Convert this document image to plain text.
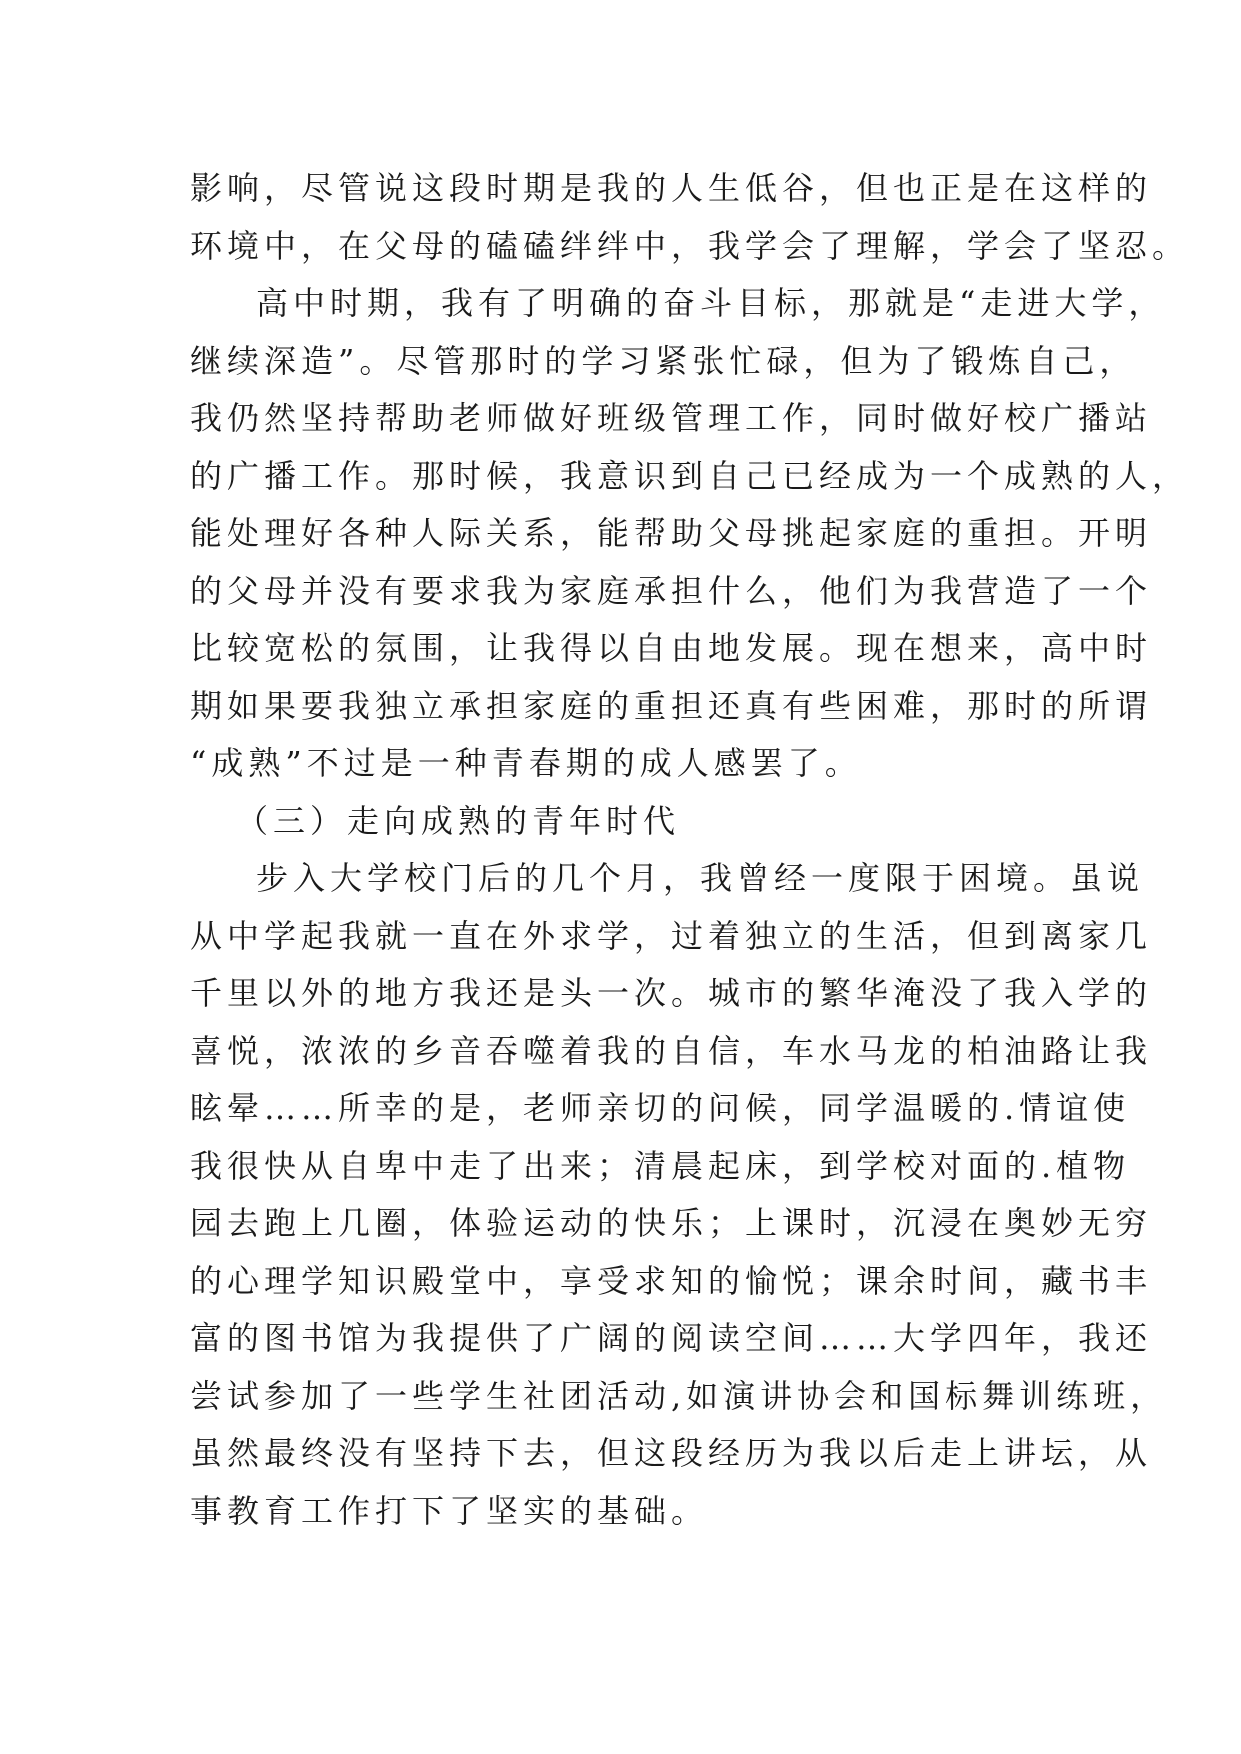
影响，尽管说这段时期是我的人生低谷，但也正是在这样的
环境中，在父母的磕磕绊绊中，我学会了理解，学会了坚忍。
高中时期，我有了明确的奋斗目标，那就是“走进大学，
继续深造”。尽管那时的学习紧张忙碌，但为了锻炼自己，
我仍然坚持帮助老师做好班级管理工作，同时做好校广播站
的广播工作。那时候，我意识到自己已经成为一个成熟的人，
能处理好各种人际关系，能帮助父母挑起家庭的重担。开明
的父母并没有要求我为家庭承担什么，他们为我营造了一个
比较宽松的氛围，让我得以自由地发展。现在想来，高中时
期如果要我独立承担家庭的重担还真有些困难，那时的所谓
“成熟”不过是一种青春期的成人感罢了。
（三）走向成熟的青年时代
步入大学校门后的几个月，我曾经一度限于困境。虽说
从中学起我就一直在外求学，过着独立的生活，但到离家几
千里以外的地方我还是头一次。城市的繁华淹没了我入学的
喜悦，浓浓的乡音吞噬着我的自信，车水马龙的柏油路让我
眩晕……所幸的是，老师亲切的问候，同学温暖的.情谊使
我很快从自卑中走了出来；清晨起床，到学校对面的.植物
园去跑上几圈，体验运动的快乐；上课时，沉浸在奥妙无穷
的心理学知识殿堂中，享受求知的愉悦；课余时间，藏书丰
富的图书馆为我提供了广阔的阅读空间……大学四年，我还
尝试参加了一些学生社团活动,如演讲协会和国标舞训练班，
虽然最终没有坚持下去，但这段经历为我以后走上讲坛，从
事教育工作打下了坚实的基础。
